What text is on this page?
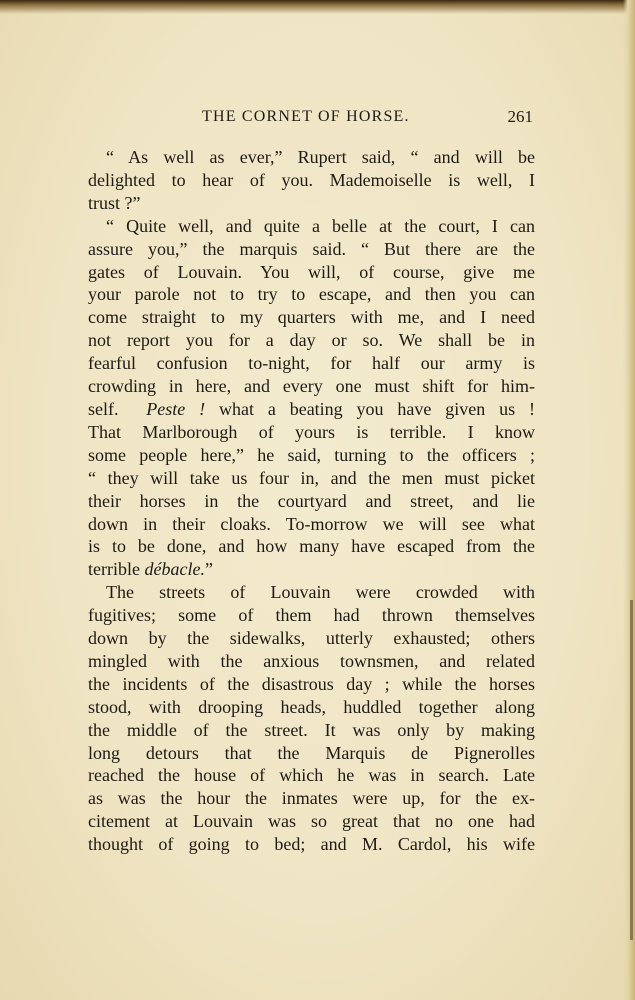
THE CORNET OF HORSE.	261
“ As well as ever,” Rupert said, “ and will be
delighted to hear of you. Mademoiselle is well, I
trust ?”
“ Quite well, and quite a belle at the court, I can
assure you,” the marquis said. “ But there are the
gates of Louvain. You will, of course, give me
your parole not to try to escape, and then you can
come straight to my quarters with me, and I need
not report you for a day or so. We shall be in
fearful confusion to-night, for half our army is
crowding in here, and every one must shift for him-
self. Peste ! what a beating you have given us !
That Marlborough of yours is terrible. I know
some people here,” he said, turning to the officers ;
“ they will take us four in, and the men must picket
their horses in the courtyard and street, and lie
down in their cloaks. To-morrow we will see what
is to be done, and how many have escaped from the
terrible débacle.”
The streets of Louvain were crowded with
fugitives; some of them had thrown themselves
down by the sidewalks, utterly exhausted; others
mingled with the anxious townsmen, and related
the incidents of the disastrous day ; while the horses
stood, with drooping heads, huddled together along
the middle of the street. It was only by making
long detours that the Marquis de Pignerolles
reached the house of which he was in search. Late
as was the hour the inmates were up, for the ex-
citement at Louvain was so great that no one had
thought of going to bed; and M. Cardol, his wife
